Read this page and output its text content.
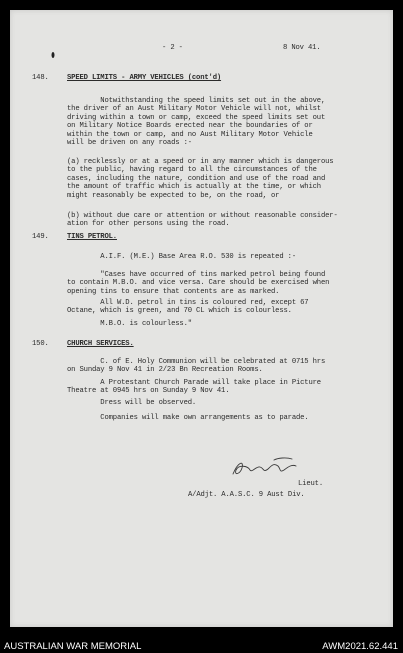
- 2 -	8 Nov 41.
148.	SPEED LIMITS - ARMY VEHICLES (cont'd)
Notwithstanding the speed limits set out in the above,
the driver of an Aust Military Motor Vehicle will not, whilst
driving within a town or camp, exceed the speed limits set out
on Military Notice Boards erected near the boundaries of or
within the town or camp, and no Aust Military Motor Vehicle
will be driven on any roads :-
(a) recklessly or at a speed or in any manner which is dangerous
to the public, having regard to all the circumstances of the
cases, including the nature, condition and use of the road and
the amount of traffic which is actually at the time, or which
might reasonably be expected to be, on the road, or
(b) without due care or attention or without reasonable consider-
ation for other persons using the road.
149.	TINS PETROL.
A.I.F. (M.E.) Base Area R.O. 530 is repeated :-
"Cases have occurred of tins marked petrol being found
to contain M.B.O. and vice versa. Care should be exercised when
opening tins to ensure that contents are as marked.
All W.D. petrol in tins is coloured red, except 67
Octane, which is green, and 70 CL which is colourless.
M.B.O. is colourless."
150.	CHURCH SERVICES.
C. of E. Holy Communion will be celebrated at 0715 hrs
on Sunday 9 Nov 41 in 2/23 Bn Recreation Rooms.
A Protestant Church Parade will take place in Picture
Theatre at 0945 hrs on Sunday 9 Nov 41.
Dress will be observed.
Companies will make own arrangements as to parade.
Lieut.
A/Adjt. A.A.S.C. 9 Aust Div.
AUSTRALIAN WAR MEMORIAL	AWM2021.62.441
